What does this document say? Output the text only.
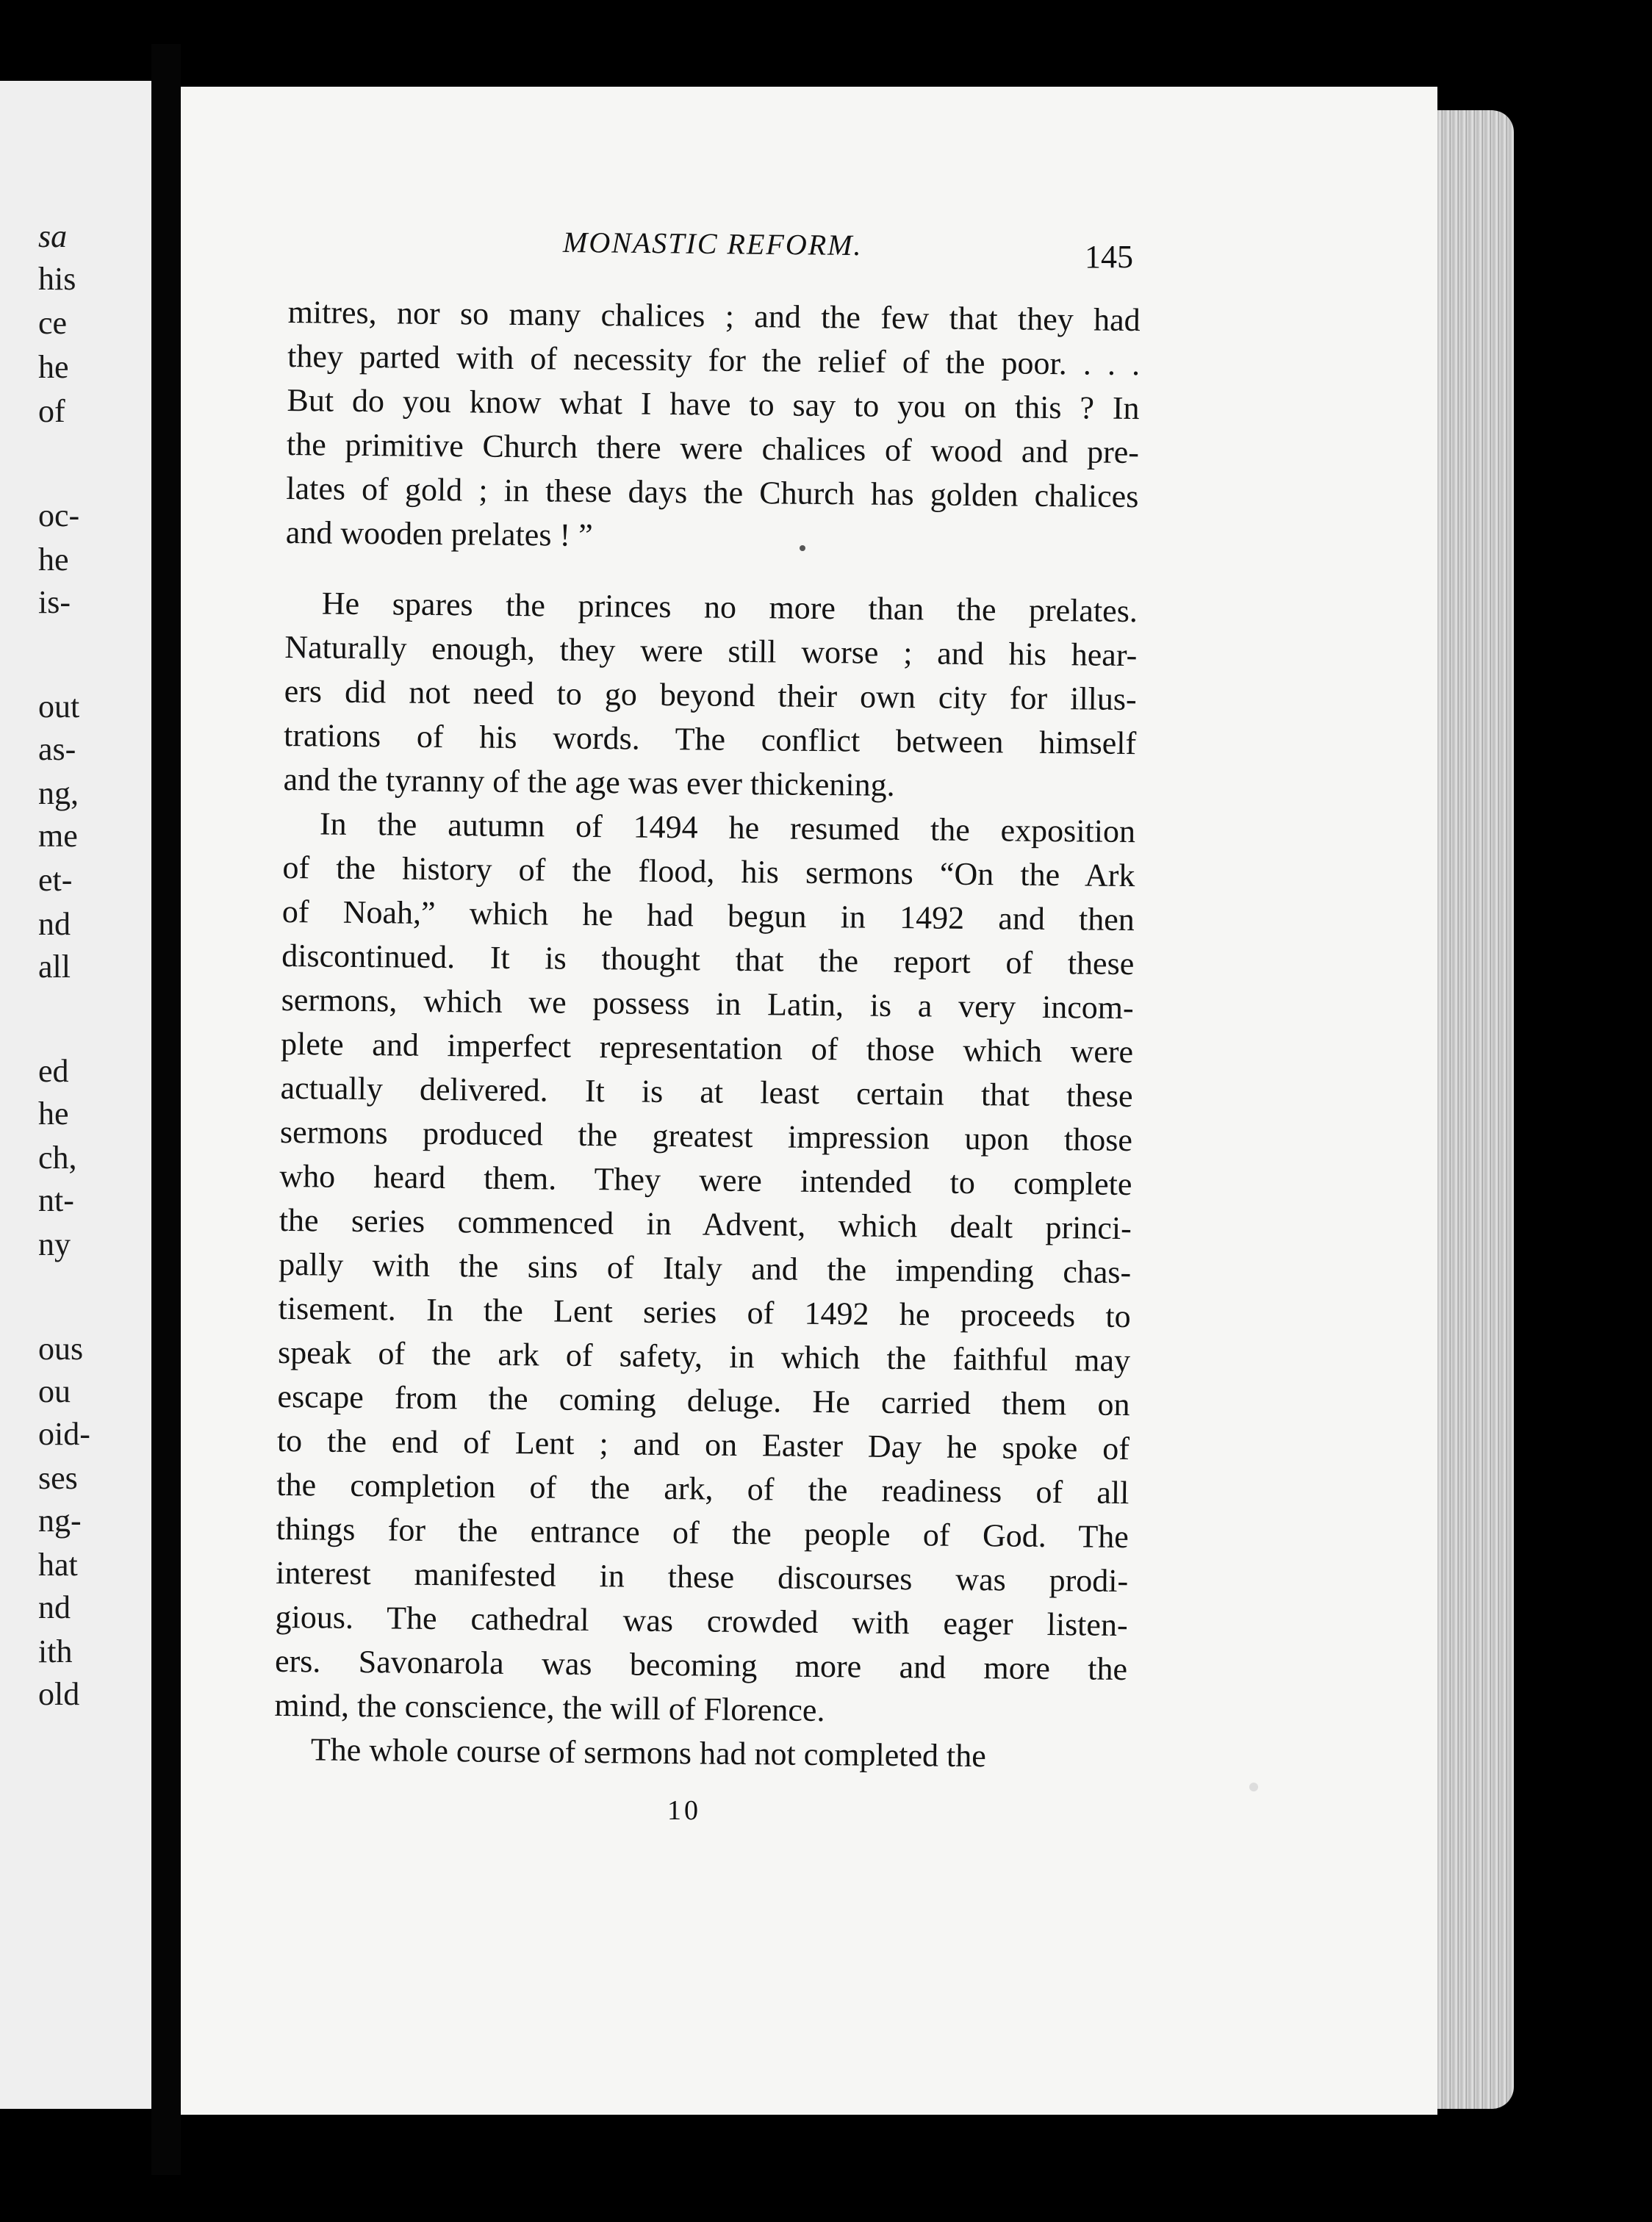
sa
his
ce
he
of
oc-
he
is-
out
as-
ng,
me
et-
nd
all
ed
he
ch,
nt-
ny
ous
ou
oid-
ses
ng-
hat
nd
ith
old
MONASTIC REFORM.	145
mitres, nor so many chalices ; and the few that they had
they parted with of necessity for the relief of the poor. . . .
But do you know what I have to say to you on this ? In
the primitive Church there were chalices of wood and pre-
lates of gold ; in these days the Church has golden chalices
and wooden prelates ! ”
He spares the princes no more than the prelates.
Naturally enough, they were still worse ; and his hear-
ers did not need to go beyond their own city for illus-
trations of his words. The conflict between himself
and the tyranny of the age was ever thickening.
In the autumn of 1494 he resumed the exposition
of the history of the flood, his sermons “On the Ark
of Noah,” which he had begun in 1492 and then
discontinued. It is thought that the report of these
sermons, which we possess in Latin, is a very incom-
plete and imperfect representation of those which were
actually delivered. It is at least certain that these
sermons produced the greatest impression upon those
who heard them. They were intended to complete
the series commenced in Advent, which dealt princi-
pally with the sins of Italy and the impending chas-
tisement. In the Lent series of 1492 he proceeds to
speak of the ark of safety, in which the faithful may
escape from the coming deluge. He carried them on
to the end of Lent ; and on Easter Day he spoke of
the completion of the ark, of the readiness of all
things for the entrance of the people of God. The
interest manifested in these discourses was prodi-
gious. The cathedral was crowded with eager listen-
ers. Savonarola was becoming more and more the
mind, the conscience, the will of Florence.
The whole course of sermons had not completed the
10
